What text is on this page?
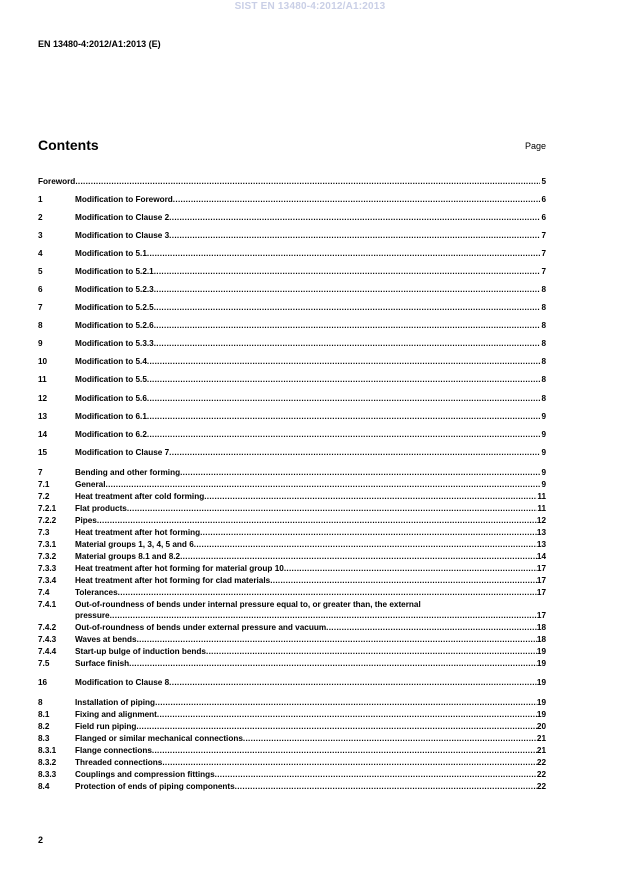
SIST EN 13480-4:2012/A1:2013
EN 13480-4:2012/A1:2013 (E)
Contents	Page
Foreword .....	5
1	Modification to Foreword .....	6
2	Modification to Clause 2 .....	6
3	Modification to Clause 3 .....	7
4	Modification to 5.1 .....	7
5	Modification to 5.2.1 .....	7
6	Modification to 5.2.3 .....	8
7	Modification to 5.2.5 .....	8
8	Modification to 5.2.6 .....	8
9	Modification to 5.3.3 .....	8
10	Modification to 5.4 .....	8
11	Modification to 5.5 .....	8
12	Modification to 5.6 .....	8
13	Modification to 6.1 .....	9
14	Modification to 6.2 .....	9
15	Modification to Clause 7 .....	9
7	Bending and other forming .....	9
7.1	General .....	9
7.2	Heat treatment after cold forming .....	11
7.2.1	Flat products .....	11
7.2.2	Pipes .....	12
7.3	Heat treatment after hot forming .....	13
7.3.1	Material groups 1, 3, 4, 5 and 6 .....	13
7.3.2	Material groups 8.1 and 8.2 .....	14
7.3.3	Heat treatment after hot forming for material group 10 .....	17
7.3.4	Heat treatment after hot forming for clad materials .....	17
7.4	Tolerances .....	17
7.4.1	Out-of-roundness of bends under internal pressure equal to, or greater than, the external
pressure .....	17
7.4.2	Out-of-roundness of bends under external pressure and vacuum .....	18
7.4.3	Waves at bends .....	18
7.4.4	Start-up bulge of induction bends .....	19
7.5	Surface finish .....	19
16	Modification to Clause 8 .....	19
8	Installation of piping .....	19
8.1	Fixing and alignment .....	19
8.2	Field run piping .....	20
8.3	Flanged or similar mechanical connections .....	21
8.3.1	Flange connections .....	21
8.3.2	Threaded connections .....	22
8.3.3	Couplings and compression fittings .....	22
8.4	Protection of ends of piping components .....	22
2
